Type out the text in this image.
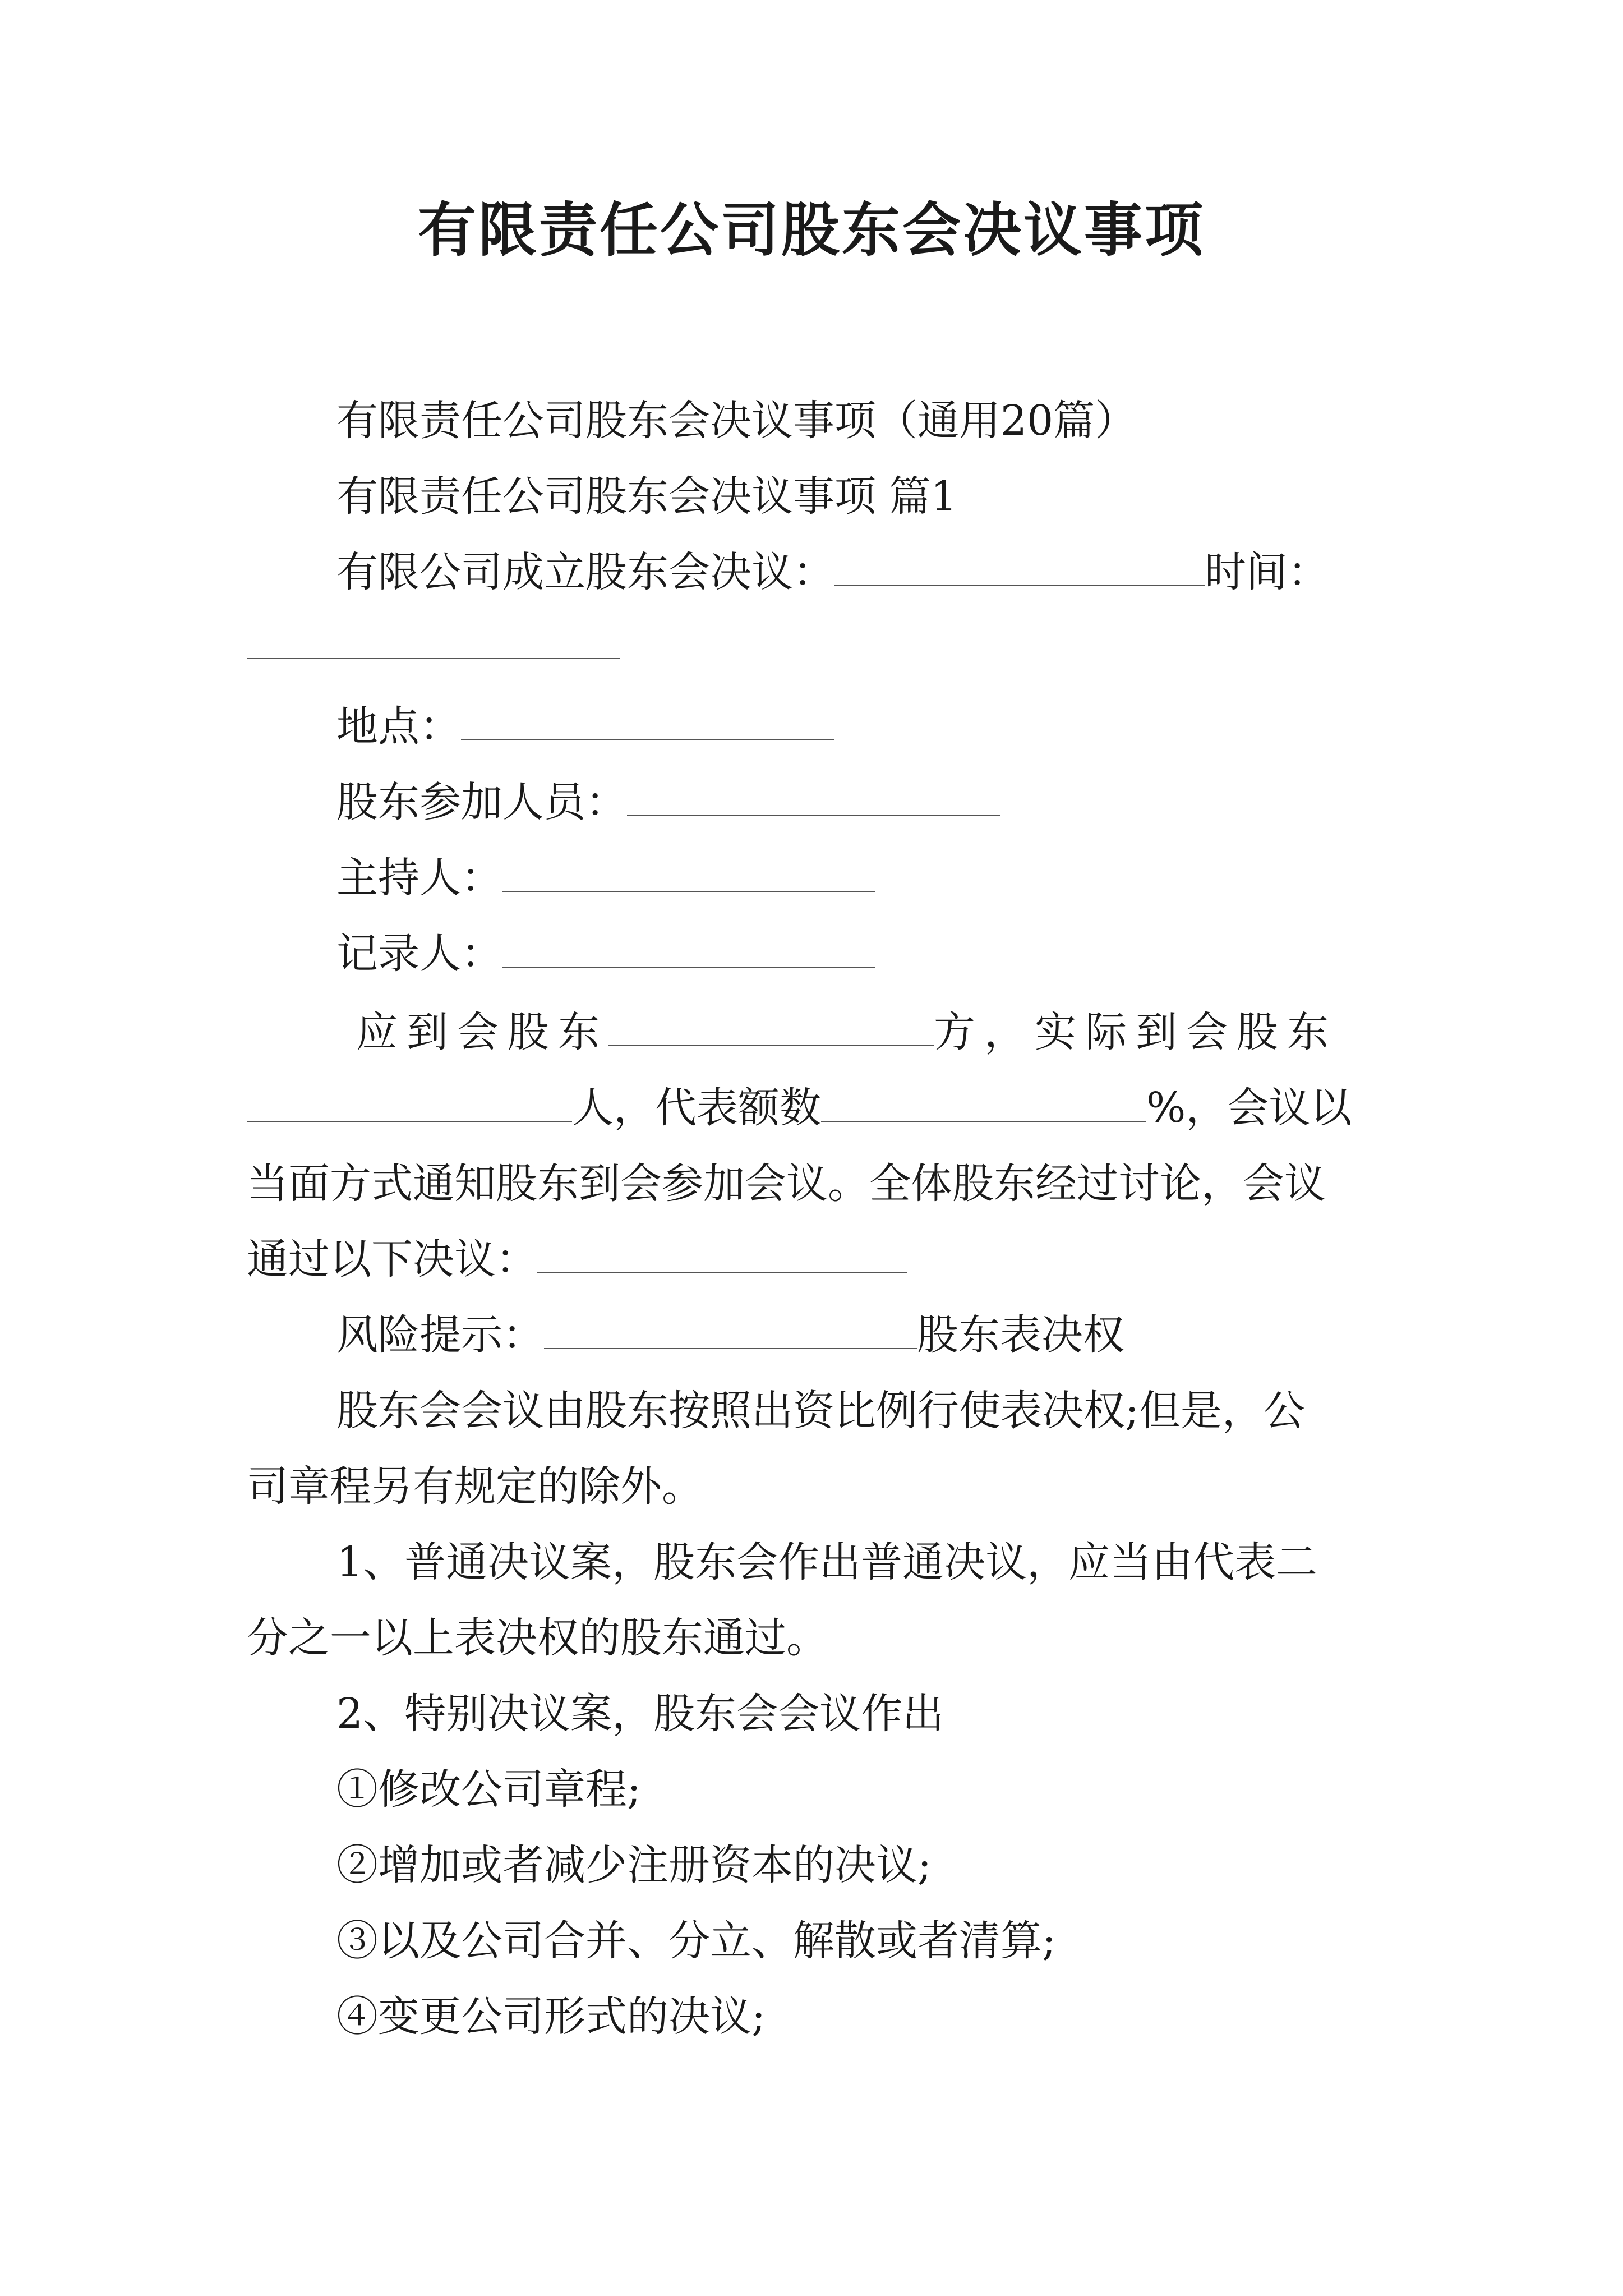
有限责任公司股东会决议事项
有限责任公司股东会决议事项（通用20篇）
有限责任公司股东会决议事项 篇1
有限公司成立股东会决议：	时间：
地点：
股东参加人员：
主持人：
记录人：
应到会股东	方，实际到会股东
人，代表额数	%，会议以
当面方式通知股东到会参加会议。全体股东经过讨论，会议
通过以下决议：
风险提示：	股东表决权
股东会会议由股东按照出资比例行使表决权;但是，公
司章程另有规定的除外。
1、普通决议案，股东会作出普通决议，应当由代表二
分之一以上表决权的股东通过。
2、特别决议案，股东会会议作出
①修改公司章程;
②增加或者减少注册资本的决议;
③以及公司合并、分立、解散或者清算;
④变更公司形式的决议;
